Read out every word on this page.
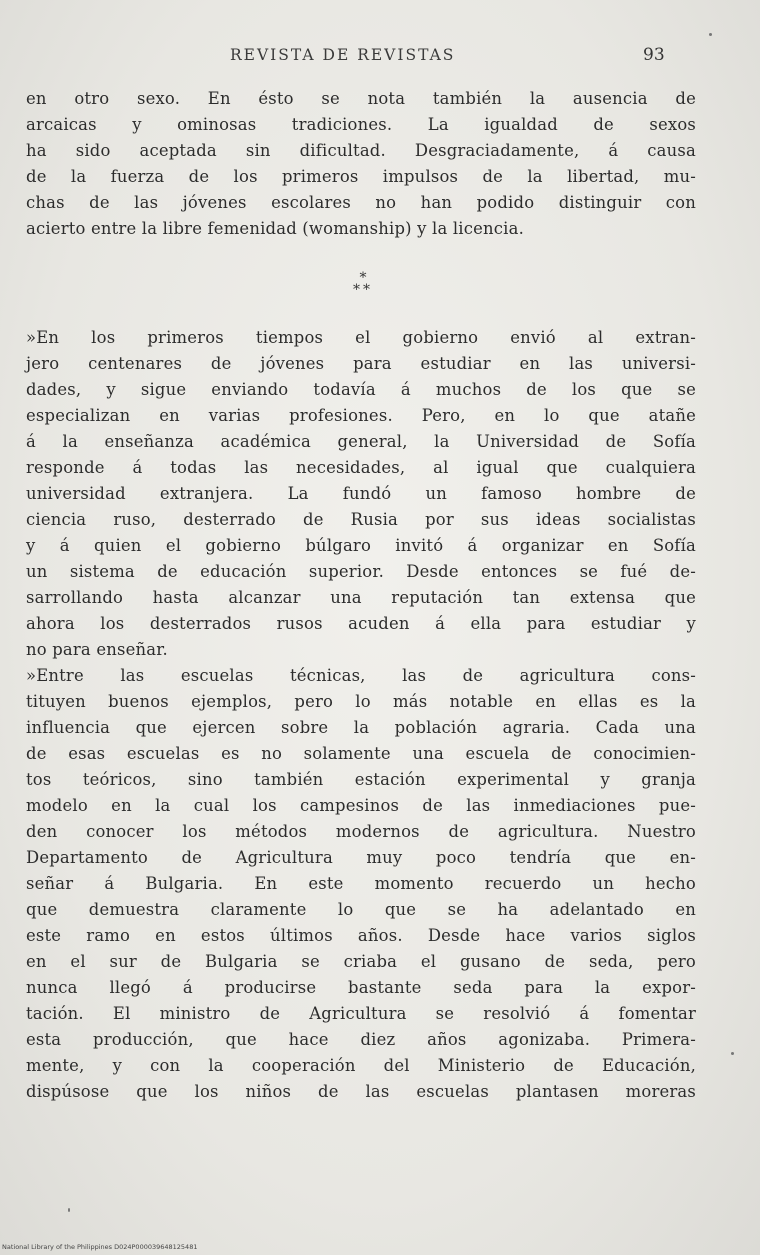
REVISTA DE REVISTAS	93
en otro sexo. En ésto se nota también la ausencia de
arcaicas y ominosas tradiciones. La igualdad de sexos
ha sido aceptada sin dificultad. Desgraciadamente, á causa
de la fuerza de los primeros impulsos de la libertad, mu-
chas de las jóvenes escolares no han podido distinguir con
acierto entre la libre femenidad (womanship) y la licencia.
*
**
»En los primeros tiempos el gobierno envió al extran-
jero centenares de jóvenes para estudiar en las universi-
dades, y sigue enviando todavía á muchos de los que se
especializan en varias profesiones. Pero, en lo que atañe
á la enseñanza académica general, la Universidad de Sofía
responde á todas las necesidades, al igual que cualquiera
universidad extranjera. La fundó un famoso hombre de
ciencia ruso, desterrado de Rusia por sus ideas socialistas
y á quien el gobierno búlgaro invitó á organizar en Sofía
un sistema de educación superior. Desde entonces se fué de-
sarrollando hasta alcanzar una reputación tan extensa que
ahora los desterrados rusos acuden á ella para estudiar y
no para enseñar.
»Entre las escuelas técnicas, las de agricultura cons-
tituyen buenos ejemplos, pero lo más notable en ellas es la
influencia que ejercen sobre la población agraria. Cada una
de esas escuelas es no solamente una escuela de conocimien-
tos teóricos, sino también estación experimental y granja
modelo en la cual los campesinos de las inmediaciones pue-
den conocer los métodos modernos de agricultura. Nuestro
Departamento de Agricultura muy poco tendría que en-
señar á Bulgaria. En este momento recuerdo un hecho
que demuestra claramente lo que se ha adelantado en
este ramo en estos últimos años. Desde hace varios siglos
en el sur de Bulgaria se criaba el gusano de seda, pero
nunca llegó á producirse bastante seda para la expor-
tación. El ministro de Agricultura se resolvió á fomentar
esta producción, que hace diez años agonizaba. Primera-
mente, y con la cooperación del Ministerio de Educación,
dispúsose que los niños de las escuelas plantasen moreras
National Library of the Philippines D024P000039648125481
